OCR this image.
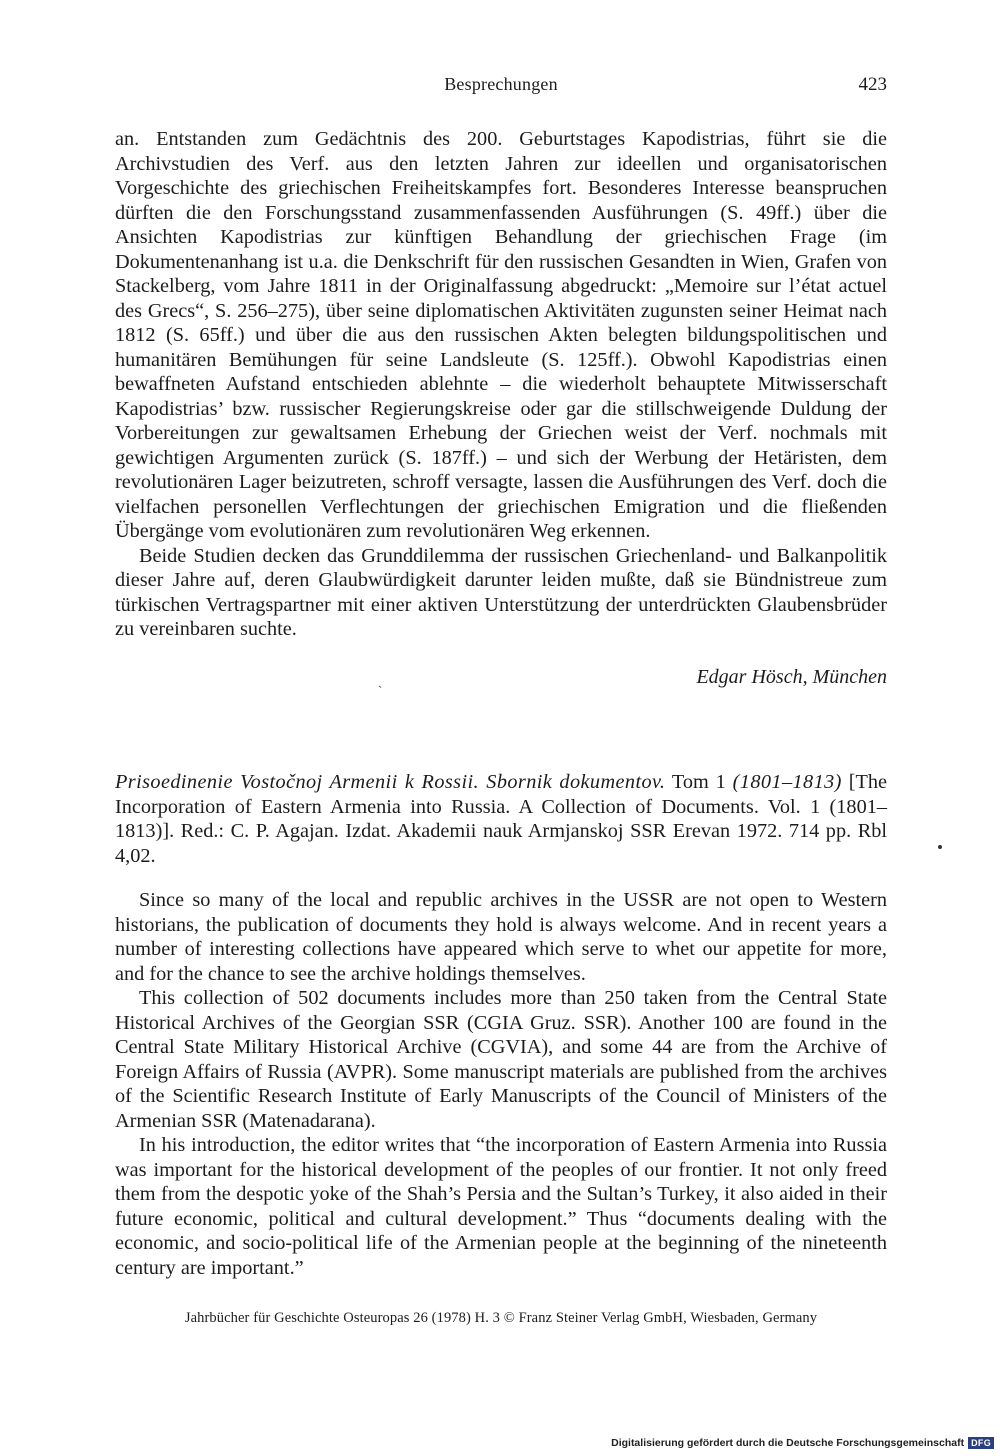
Besprechungen	423

an. Entstanden zum Gedächtnis des 200. Geburtstages Kapodistrias, führt sie die Archivstudien des Verf. aus den letzten Jahren zur ideellen und organisatorischen Vorgeschichte des griechischen Freiheitskampfes fort. Besonderes Interesse beanspruchen dürften die den Forschungsstand zusammenfassenden Ausführungen (S. 49ff.) über die Ansichten Kapodistrias zur künftigen Behandlung der griechischen Frage (im Dokumentenanhang ist u.a. die Denkschrift für den russischen Gesandten in Wien, Grafen von Stackelberg, vom Jahre 1811 in der Originalfassung abgedruckt: „Memoire sur l’état actuel des Grecs“, S. 256–275), über seine diplomatischen Aktivitäten zugunsten seiner Heimat nach 1812 (S. 65ff.) und über die aus den russischen Akten belegten bildungspolitischen und humanitären Bemühungen für seine Landsleute (S. 125ff.). Obwohl Kapodistrias einen bewaffneten Aufstand entschieden ablehnte – die wiederholt behauptete Mitwisserschaft Kapodistrias’ bzw. russischer Regierungskreise oder gar die stillschweigende Duldung der Vorbereitungen zur gewaltsamen Erhebung der Griechen weist der Verf. nochmals mit gewichtigen Argumenten zurück (S. 187ff.) – und sich der Werbung der Hetäristen, dem revolutionären Lager beizutreten, schroff versagte, lassen die Ausführungen des Verf. doch die vielfachen personellen Verflechtungen der griechischen Emigration und die fließenden Übergänge vom evolutionären zum revolutionären Weg erkennen.

Beide Studien decken das Grunddilemma der russischen Griechenland- und Balkanpolitik dieser Jahre auf, deren Glaubwürdigkeit darunter leiden mußte, daß sie Bündnistreue zum türkischen Vertragspartner mit einer aktiven Unterstützung der unterdrückten Glaubensbrüder zu vereinbaren suchte.

Edgar Hösch, München
`
Prisoedinenie Vostočnoj Armenii k Rossii. Sbornik dokumentov. Tom 1 (1801–1813) [The Incorporation of Eastern Armenia into Russia. A Collection of Documents. Vol. 1 (1801–1813)]. Red.: C. P. Agajan. Izdat. Akademii nauk Armjanskoj SSR Erevan 1972. 714 pp. Rbl 4,02.

Since so many of the local and republic archives in the USSR are not open to Western historians, the publication of documents they hold is always welcome. And in recent years a number of interesting collections have appeared which serve to whet our appetite for more, and for the chance to see the archive holdings themselves.

This collection of 502 documents includes more than 250 taken from the Central State Historical Archives of the Georgian SSR (CGIA Gruz. SSR). Another 100 are found in the Central State Military Historical Archive (CGVIA), and some 44 are from the Archive of Foreign Affairs of Russia (AVPR). Some manuscript materials are published from the archives of the Scientific Research Institute of Early Manuscripts of the Council of Ministers of the Armenian SSR (Matenadarana).

In his introduction, the editor writes that “the incorporation of Eastern Armenia into Russia was important for the historical development of the peoples of our frontier. It not only freed them from the despotic yoke of the Shah’s Persia and the Sultan’s Turkey, it also aided in their future economic, political and cultural development.” Thus “documents dealing with the economic, and socio-political life of the Armenian people at the beginning of the nineteenth century are important.”

Jahrbücher für Geschichte Osteuropas 26 (1978) H. 3 © Franz Steiner Verlag GmbH, Wiesbaden, Germany
Digitalisierung gefördert durch die Deutsche Forschungsgemeinschaft DFG
